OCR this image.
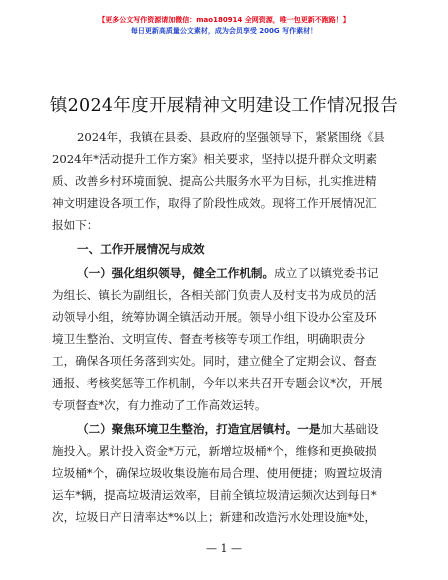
【更多公文写作资源请加微信：mao180914 全网资源，唯一包更新不跑路！】
每日更新高质量公文素材，成为会员享受 200G 写作素材！
镇2024年度开展精神文明建设工作情况报告
2024年，我镇在县委、县政府的坚强领导下，紧紧围绕《县
2024年*活动提升工作方案》相关要求，坚持以提升群众文明素
质、改善乡村环境面貌、提高公共服务水平为目标，扎实推进精
神文明建设各项工作，取得了阶段性成效。现将工作开展情况汇
报如下：
一、工作开展情况与成效
（一）强化组织领导，健全工作机制。成立了以镇党委书记
为组长、镇长为副组长，各相关部门负责人及村支书为成员的活
动领导小组，统筹协调全镇活动开展。领导小组下设办公室及环
境卫生整治、文明宣传、督查考核等专项工作组，明确职责分
工，确保各项任务落到实处。同时，建立健全了定期会议、督查
通报、考核奖惩等工作机制，今年以来共召开专题会议*次，开展
专项督查*次，有力推动了工作高效运转。
（二）聚焦环境卫生整治，打造宜居镇村。一是加大基础设
施投入。累计投入资金*万元，新增垃圾桶*个，维修和更换破损
垃圾桶*个，确保垃圾收集设施布局合理、使用便捷；购置垃圾清
运车*辆，提高垃圾清运效率，目前全镇垃圾清运频次达到每日*
次，垃圾日产日清率达*%以上；新建和改造污水处理设施*处，
— 1 —
